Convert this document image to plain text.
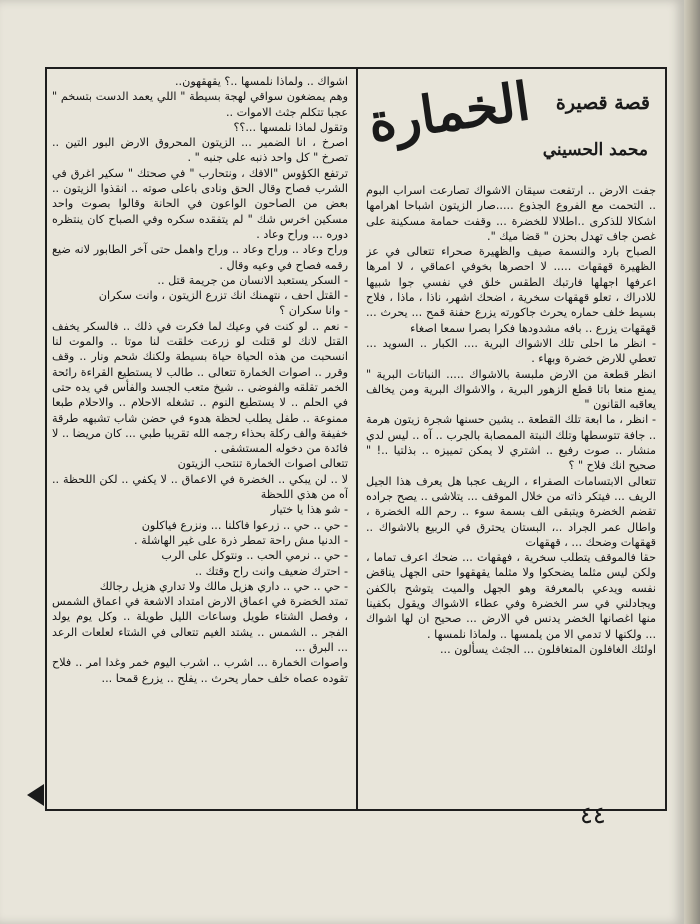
قصة قصيرة
الخمارة محمد الحسيني

جفت الارض .. ارتفعت سيقان الاشواك تصارعت اسراب البوم .. التحمت مع الفروع الجذوع .....صار الزيتون اشباحا اهرامها اشكالا للذكرى ..اطلالا للخضرة ... وقفت حمامة مسكينة على غصن جاف تهدل بحزن " قضا ميك ".

الصباح بارد والنسمة صيف والظهيرة صحراء تتعالى في عز الظهيرة قهقهات ..... لا احصرها بخوفي اعماقي ، لا امرها اعرفها اجهلها فارتبك الطقس خلق في نفسي جوا شبيها للادراك ، تعلو قهقهات سخرية ، اضحك اشهر، ناذا ، ماذا ، فلاح بسيط خلف حماره يحرث جاكورته يزرع حفنة قمح ... يحرث ... قهقهات يزرع .. بافه مشدودها فكرا بصرا سمعا اصغاء

- انظر ما احلى تلك الاشواك البرية .... الكبار .. السويد ... تعطي للارض خضرة وبهاء .

انظر قطعة من الارض ملبسة بالاشواك ..... النباتات البرية " يمنع منعا باتا قطع الزهور البرية ، والاشواك البرية ومن يخالف يعاقبه القانون "

- انظر ، ما ابعة تلك القطعة .. يشين حسنها شجرة زيتون هرمة .. جافة تتوسطها وتلك النبتة الممصابة بالجرب .. آه .. ليس لدي منشار .. صوت رفيع .. اشتري لا يمكن تمييزه .. بذلتيا ..! " صحيح انك فلاح " ؟

تتعالى الابتسامات الصفراء ، الريف عجبا هل يعرف هذا الجيل الريف ... فيتكر ذاته من خلال الموقف ... يتلاشى .. يصح جراده تقضم الخضرة ويتبقى الف بسمة سوء .. رحم الله الخضرة ، واطال عمر الجراد ..، البستان يحترق في الربيع بالاشواك .. قهقهات وضحك ... ، قهقهات

حقا فالموقف يتطلب سخرية ، فهقهات ... ضحك اعرف تماما ، ولكن ليس مثلما يضحكوا ولا مثلما يقهقهوا حتى الجهل يناقض نفسه ويدعي بالمعرفة وهو الجهل والميت يتوشح بالكفن ويجادلني في سر الخضرة وفي عطاء الاشواك ويقول بكفينا منها اغصانها الخضر يدنس في الارض ... صحيح ان لها اشواك ... ولكنها لا تدمي الا من يلمسها .. ولماذا نلمسها .

اولئك الغافلون المتغافلون ... الجثث يسألون ...

اشواك .. ولماذا نلمسها ..؟ يقهقهون..

وهم يمضغون سواقي لهجة بسيطة " اللي يعمد الدست بتسخم " عجبا تتكلم جثث الاموات ..

وتقول لماذا نلمسها ...؟؟

اصرخ ، انا الضمير ... الزيتون المحروق الارض البور التين .. تصرخ " كل واحد ذنبه على جنبه " .

ترتفع الكؤوس "الافك ، ونتحارب " في صحتك " سكير اغرق في الشرب فصاح وقال الحق ونادى باعلى صوته .. انقذوا الزيتون .. بعض من الصاحون الواعون في الحانة وقالوا بصوت واحد مسكين اخرس شك " لم يتفقده سكره وفي الصباح كان ينتظره دوره ... وراح وعاد .

وراح وعاد .. وراح وعاد .. وراح واهمل حتى آخر الطابور لانه ضيع رقمه فصاح في وعيه وقال .

- السكر يستعبد الانسان من جريمة قتل ..

- القتل احف ، نتهمنك انك تزرع الزيتون ، وانت سكران

- وانا سكران ؟

- نعم .. لو كنت في وعيك لما فكرت في ذلك .. فالسكر يخفف القتل لانك لو قتلت لو زرعت خلقت لنا موتا .. والموت لنا انسحبت من هذه الحياة حياة بسيطة ولكنك شحم ونار .. وقف وقرر .. اصوات الخمارة تتعالى .. طالب لا يستطيع القراءة رائحة الخمر تقلقه والفوضى .. شيخ متعب الجسد والفأس في يده حتى في الحلم .. لا يستطيع النوم .. تشغله الاحلام .. والاحلام طبعا ممنوعة .. طفل يطلب لحظة هدوء في حضن شاب تشبهه طرقة خفيفة والف ركلة بحذاء رجمه الله تقريبا طبي ... كان مريضا .. لا فائدة من دخوله المستشفى .

تتعالى اصوات الخمارة تنتحب الزيتون

لا .. لن يبكي .. الخضرة في الاعماق .. لا يكفي .. لكن اللحظة .. آه من هذي اللحظة

- شو هذا يا ختيار

- حي .. حي .. زرعوا فاكلنا ... ونزرع فياكلون

- الدنيا مش راحة تمطر ذرة على غير الهاشلة .

- حي .. نرمي الحب .. ونتوكل على الرب

- احترك ضعيف وانت راح وقتك ..

- حي .. حي .. داري هزيل مالك ولا تداري هزيل رجالك

تمتد الخضرة في اعماق الارض امتداد الاشعة في اعماق الشمس ، وفصل الشتاء طويل وساعات الليل طويلة .. وكل يوم يولد الفجر .. الشمس .. يشتد الغيم تتعالى في الشتاء لعلعات الرعد ... البرق ...

واصوات الخمارة ... اشرب .. اشرب اليوم خمر وغدا امر .. فلاح تقوده عصاه خلف حمار يحرث .. يفلح .. يزرع قمحا ...

٤٤
